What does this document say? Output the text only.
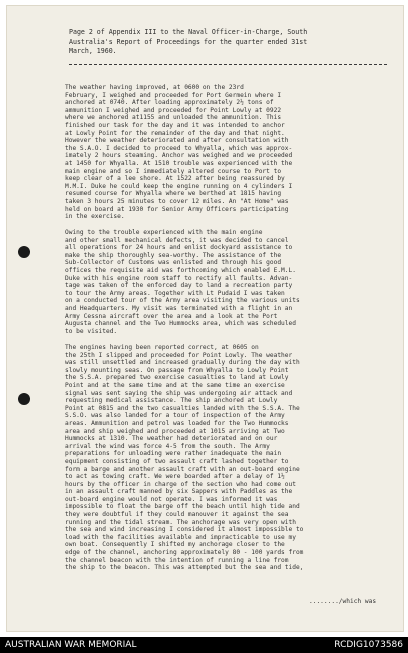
Page 2 of Appendix III to the Naval Officer-in-Charge, South
Australia's Report of Proceedings for the quarter ended 31st
March, 1960.
The weather having improved, at 0600 on the 23rd
February, I weighed and proceeded for Port Germein where I
anchored at 0740. After loading approximately 2½ tons of
ammunition I weighed and proceeded for Point Lowly at 0922
where we anchored at1155 and unloaded the ammunition. This
finished our task for the day and it was intended to anchor
at Lowly Point for the remainder of the day and that night.
However the weather deteriorated and after consultation with
the S.A.O. I decided to proceed to Whyalla, which was approx-
imately 2 hours steaming. Anchor was weighed and we proceeded
at 1450 for Whyalla. At 1510 trouble was experienced with the
main engine and so I immediately altered course to Port to
keep clear of a lee shore. At 1522 after being reassured by
M.M.I. Duke he could keep the engine running on 4 cylinders I
resumed course for Whyalla where we berthed at 1815 having
taken 3 hours 25 minutes to cover 12 miles. An "At Home" was
held on board at 1930 for Senior Army Officers participating
in the exercise.
Owing to the trouble experienced with the main engine
and other small mechanical defects, it was decided to cancel
all operations for 24 hours and enlist dockyard assistance to
make the ship thoroughly sea-worthy. The assistance of the
Sub-Collector of Customs was enlisted and through his good
offices the requisite aid was forthcoming which enabled E.M.L.
Duke with his engine room staff to rectify all faults. Advan-
tage was taken of the enforced day to land a recreation party
to tour the Army areas. Together with Lt Pudaid I was taken
on a conducted tour of the Army area visiting the various units
and Headquarters. My visit was terminated with a flight in an
Army Cessna aircraft over the area and a look at the Port
Augusta channel and the Two Hummocks area, which was scheduled
to be visited.
The engines having been reported correct, at 0605 on
the 25th I slipped and proceeded for Point Lowly. The weather
was still unsettled and increased gradually during the day with
slowly mounting seas. On passage from Whyalla to Lowly Point
the S.S.A. prepared two exercise casualties to land at Lowly
Point and at the same time and at the same time an exercise
signal was sent saying the ship was undergoing air attack and
requesting medical assistance. The ship anchored at Lowly
Point at 0815 and the two casualties landed with the S.S.A. The
S.S.O. was also landed for a tour of inspection of the Army
areas. Ammunition and petrol was loaded for the Two Hummocks
area and ship weighed and proceeded at 1015 arriving at Two
Hummocks at 1310. The weather had deteriorated and on our
arrival the wind was force 4-5 from the south. The Army
preparations for unloading were rather inadequate the main
equipment consisting of two assault craft lashed together to
form a barge and another assault craft with an out-board engine
to act as towing craft. We were boarded after a delay of 1½
hours by the officer in charge of the section who had come out
in an assault craft manned by six Sappers with Paddles as the
out-board engine would not operate. I was informed it was
impossible to float the barge off the beach until high tide and
they were doubtful if they could manouver it against the sea
running and the tidal stream. The anchorage was very open with
the sea and wind increasing I considered it almost impossible to
load with the facilities available and impracticable to use my
own boat. Consequently I shifted my anchorage closer to the
edge of the channel, anchoring approximately 80 - 100 yards from
the channel beacon with the intention of running a line from
the ship to the beacon. This was attempted but the sea and tide,
......../which was
AUSTRALIAN WAR MEMORIAL	RCDIG1073586
